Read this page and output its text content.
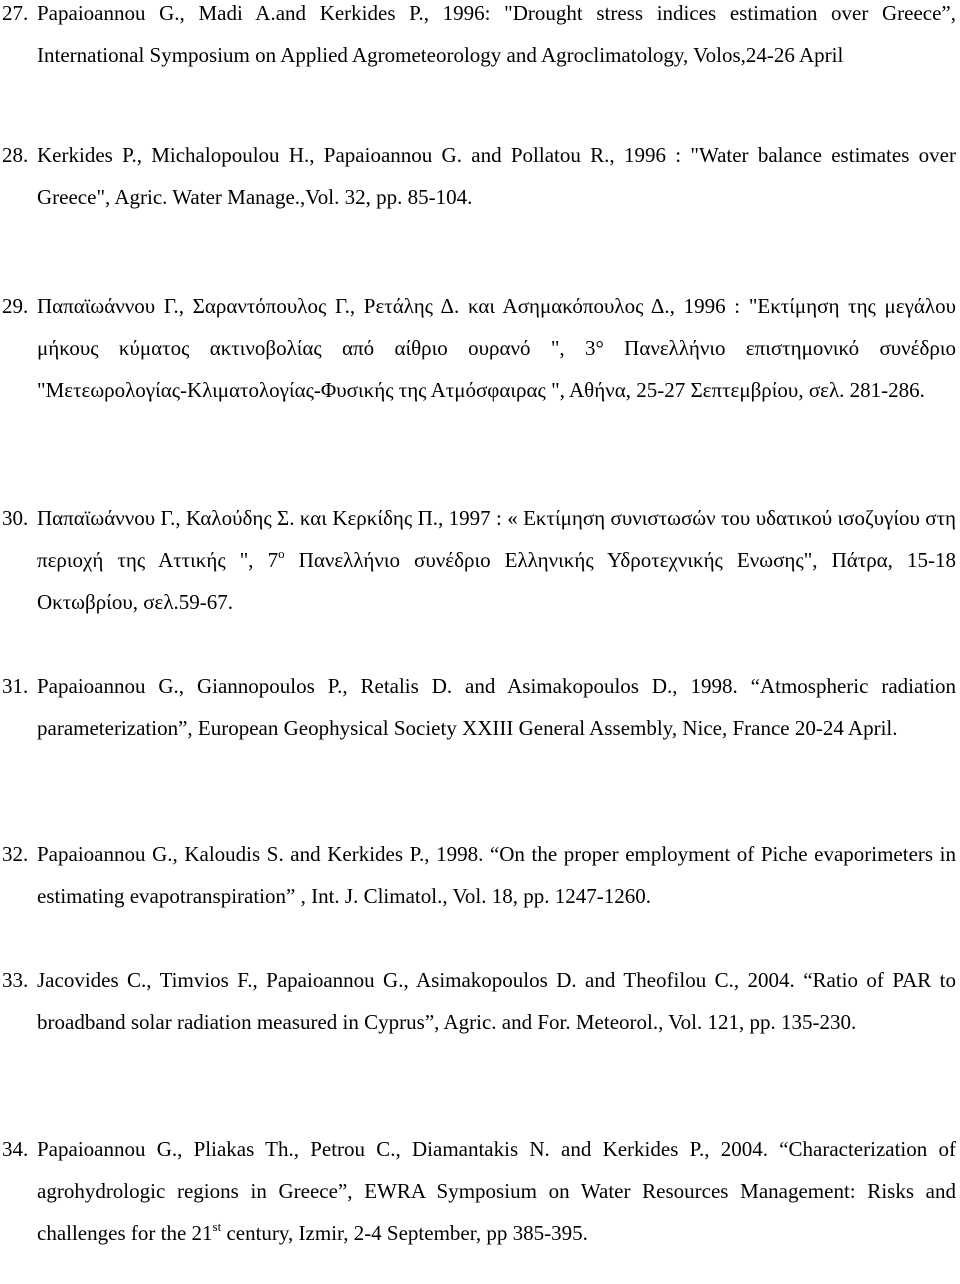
27. Papaioannou G., Madi A.and Kerkides P., 1996: "Drought stress indices estimation over Greece”, International Symposium on Applied Agrometeorology and Agroclimatology, Volos,24-26 April
28. Kerkides P., Michalopoulou H., Papaioannou G. and Pollatou R., 1996 : "Water balance estimates over Greece", Agric. Water Manage.,Vol. 32, pp. 85-104.
29. Παπαϊωάννου Γ., Σαραντόπουλος Γ., Ρετάλης Δ. και Ασημακόπουλος Δ., 1996 : "Εκτίμηση της μεγάλου μήκους κύματος ακτινοβολίας από αίθριο ουρανό ", 3° Πανελλήνιο επιστημονικό συνέδριο "Μετεωρολογίας-Κλιματολογίας-Φυσικής της Ατμόσφαιρας ", Αθήνα, 25-27 Σεπτεμβρίου, σελ. 281-286.
30. Παπαϊωάννου Γ., Καλούδης Σ. και Κερκίδης Π., 1997 : « Εκτίμηση συνιστωσών του υδατικού ισοζυγίου στη περιοχή της Αττικής ", $7^o$ Πανελλήνιο συνέδριο Ελληνικής Υδροτεχνικής Ενωσης", Πάτρα, 15-18 Οκτωβρίου, σελ.59-67.
31. Papaioannou G., Giannopoulos P., Retalis D. and Asimakopoulos D., 1998. “Atmospheric radiation parameterization”, European Geophysical Society XXIII General Assembly, Nice, France 20-24 April.
32. Papaioannou G., Kaloudis S. and Kerkides P., 1998. “On the proper employment of Piche evaporimeters in estimating evapotranspiration” , Int. J. Climatol., Vol. 18, pp. 1247-1260.
33. Jacovides C., Timvios F., Papaioannou G., Asimakopoulos D. and Theofilou C., 2004. “Ratio of PAR to broadband solar radiation measured in Cyprus”, Agric. and For. Meteorol., Vol. 121, pp. 135-230.
34. Papaioannou G., Pliakas Th., Petrou C., Diamantakis N. and Kerkides P., 2004. “Characterization of agrohydrologic regions in Greece”, EWRA Symposium on Water Resources Management: Risks and challenges for the 21st century, Izmir, 2-4 September, pp 385-395.
